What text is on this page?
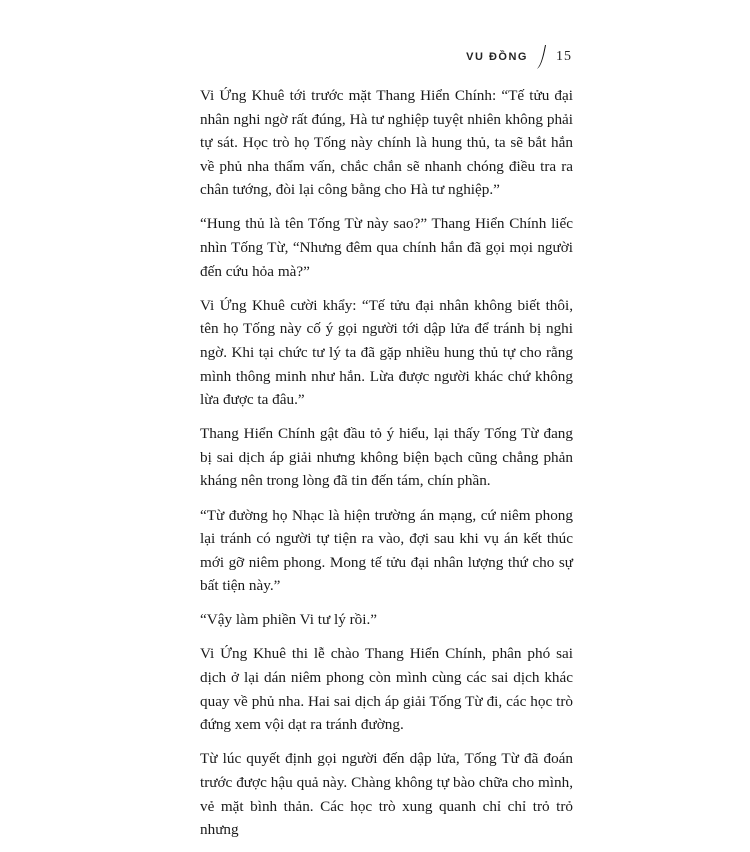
VU ĐỒNG 15

Vi Ứng Khuê tới trước mặt Thang Hiển Chính: “Tế tửu đại nhân nghi ngờ rất đúng, Hà tư nghiệp tuyệt nhiên không phải tự sát. Học trò họ Tống này chính là hung thủ, ta sẽ bắt hắn về phủ nha thẩm vấn, chắc chắn sẽ nhanh chóng điều tra ra chân tướng, đòi lại công bằng cho Hà tư nghiệp.”

“Hung thủ là tên Tống Từ này sao?” Thang Hiển Chính liếc nhìn Tống Từ, “Nhưng đêm qua chính hắn đã gọi mọi người đến cứu hỏa mà?”

Vi Ứng Khuê cười khẩy: “Tế tửu đại nhân không biết thôi, tên họ Tống này cố ý gọi người tới dập lửa để tránh bị nghi ngờ. Khi tại chức tư lý ta đã gặp nhiều hung thủ tự cho rằng mình thông minh như hắn. Lừa được người khác chứ không lừa được ta đâu.”

Thang Hiển Chính gật đầu tỏ ý hiểu, lại thấy Tống Từ đang bị sai dịch áp giải nhưng không biện bạch cũng chẳng phản kháng nên trong lòng đã tin đến tám, chín phần.

“Từ đường họ Nhạc là hiện trường án mạng, cứ niêm phong lại tránh có người tự tiện ra vào, đợi sau khi vụ án kết thúc mới gỡ niêm phong. Mong tế tửu đại nhân lượng thứ cho sự bất tiện này.”

“Vậy làm phiền Vi tư lý rồi.”

Vi Ứng Khuê thi lễ chào Thang Hiển Chính, phân phó sai dịch ở lại dán niêm phong còn mình cùng các sai dịch khác quay về phủ nha. Hai sai dịch áp giải Tống Từ đi, các học trò đứng xem vội dạt ra tránh đường.

Từ lúc quyết định gọi người đến dập lửa, Tống Từ đã đoán trước được hậu quả này. Chàng không tự bào chữa cho mình, vẻ mặt bình thản. Các học trò xung quanh chỉ chỉ trỏ trỏ nhưng
